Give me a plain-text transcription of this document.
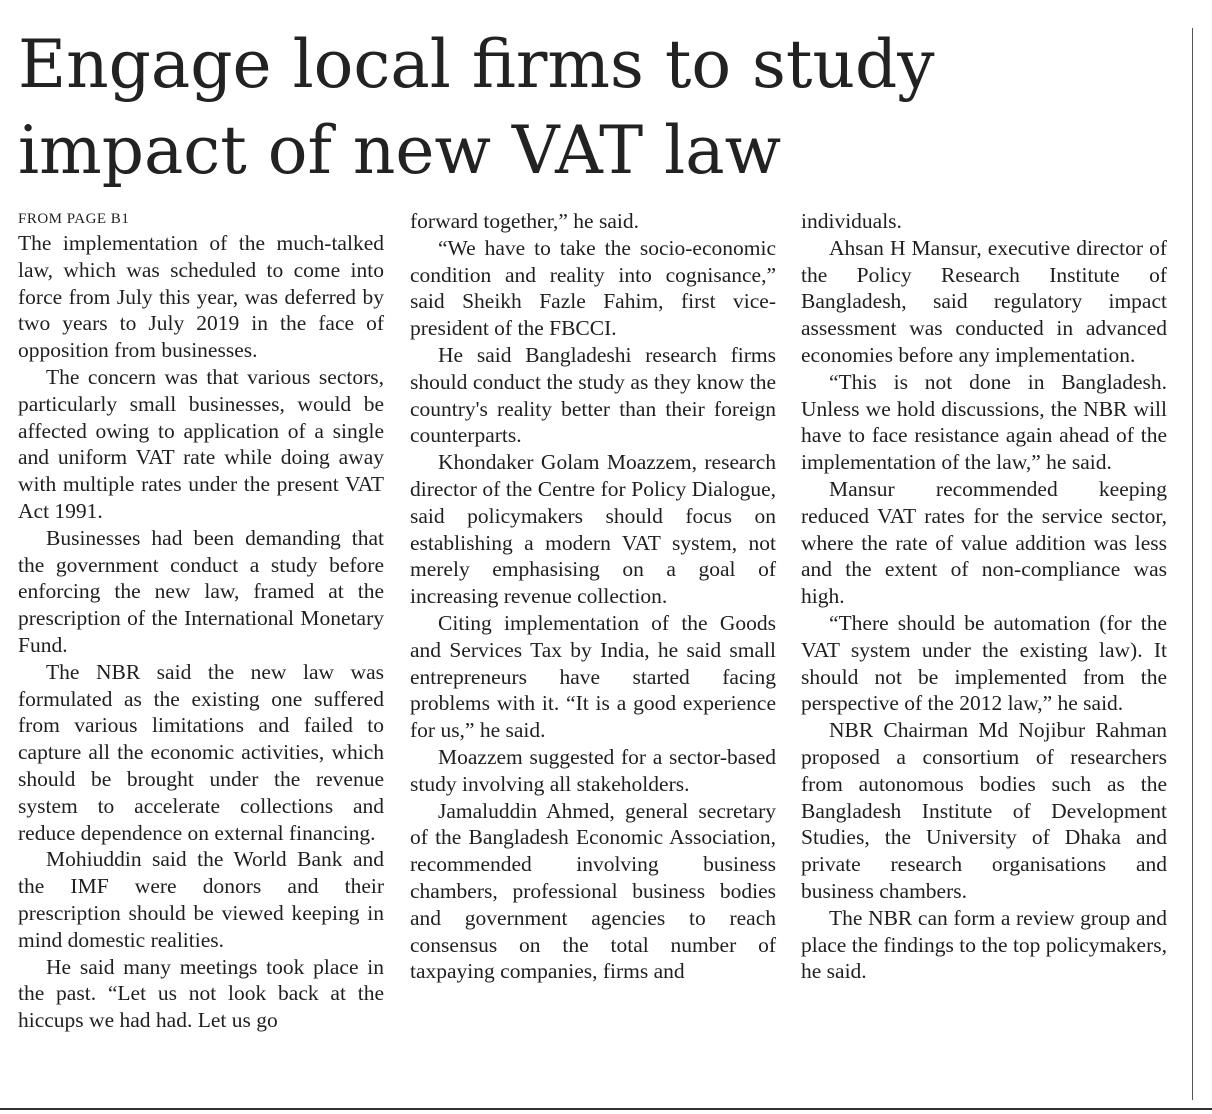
Engage local firms to study impact of new VAT law

FROM PAGE B1

The implementation of the much-talked law, which was scheduled to come into force from July this year, was deferred by two years to July 2019 in the face of opposition from businesses.

The concern was that various sectors, particularly small businesses, would be affected owing to application of a single and uniform VAT rate while doing away with multiple rates under the present VAT Act 1991.

Businesses had been demanding that the government conduct a study before enforcing the new law, framed at the prescription of the International Monetary Fund.

The NBR said the new law was formulated as the existing one suffered from various limitations and failed to capture all the economic activities, which should be brought under the revenue system to accelerate collections and reduce dependence on external financing.

Mohiuddin said the World Bank and the IMF were donors and their prescription should be viewed keeping in mind domestic realities.

He said many meetings took place in the past. “Let us not look back at the hiccups we had had. Let us go

forward together,” he said.

“We have to take the socio-economic condition and reality into cognisance,” said Sheikh Fazle Fahim, first vice-president of the FBCCI.

He said Bangladeshi research firms should conduct the study as they know the country's reality better than their foreign counterparts.

Khondaker Golam Moazzem, research director of the Centre for Policy Dialogue, said policymakers should focus on establishing a modern VAT system, not merely emphasising on a goal of increasing revenue collection.

Citing implementation of the Goods and Services Tax by India, he said small entrepreneurs have started facing problems with it. “It is a good experience for us,” he said.

Moazzem suggested for a sector-based study involving all stakeholders.

Jamaluddin Ahmed, general secretary of the Bangladesh Economic Association, recommended involving business chambers, professional business bodies and government agencies to reach consensus on the total number of taxpaying companies, firms and

individuals.

Ahsan H Mansur, executive director of the Policy Research Institute of Bangladesh, said regulatory impact assessment was conducted in advanced economies before any implementation.

“This is not done in Bangladesh. Unless we hold discussions, the NBR will have to face resistance again ahead of the implementation of the law,” he said.

Mansur recommended keeping reduced VAT rates for the service sector, where the rate of value addition was less and the extent of non-compliance was high.

“There should be automation (for the VAT system under the existing law). It should not be implemented from the perspective of the 2012 law,” he said.

NBR Chairman Md Nojibur Rahman proposed a consortium of researchers from autonomous bodies such as the Bangladesh Institute of Development Studies, the University of Dhaka and private research organisations and business chambers.

The NBR can form a review group and place the findings to the top policymakers, he said.
